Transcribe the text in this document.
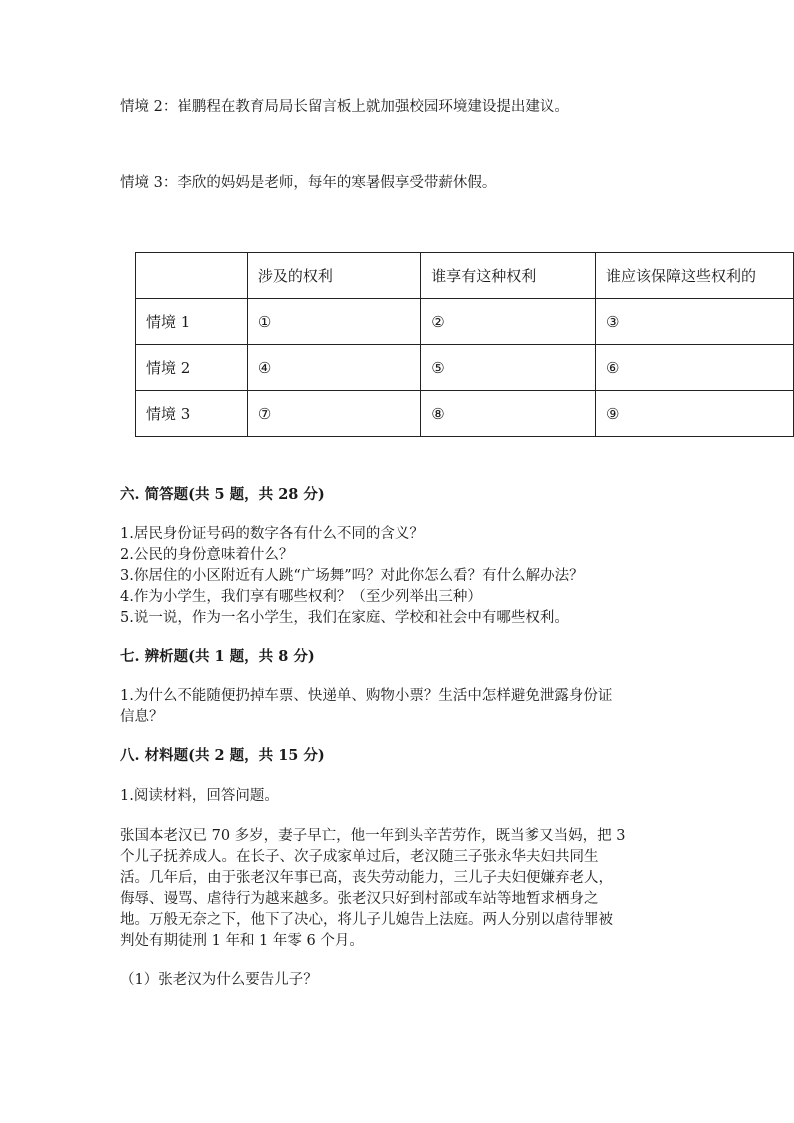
情境 2：崔鹏程在教育局局长留言板上就加强校园环境建设提出建议。
情境 3：李欣的妈妈是老师，每年的寒暑假享受带薪休假。
	涉及的权利	谁享有这种权利	谁应该保障这些权利的
情境 1	①	②	③
情境 2	④	⑤	⑥
情境 3	⑦	⑧	⑨
六. 简答题(共 5 题，共 28 分)
1.居民身份证号码的数字各有什么不同的含义？
2.公民的身份意味着什么？
3.你居住的小区附近有人跳“广场舞”吗？对此你怎么看？有什么解办法？
4.作为小学生，我们享有哪些权利？（至少列举出三种）
5.说一说，作为一名小学生，我们在家庭、学校和社会中有哪些权利。
七. 辨析题(共 1 题，共 8 分)
1.为什么不能随便扔掉车票、快递单、购物小票？生活中怎样避免泄露身份证
信息？
八. 材料题(共 2 题，共 15 分)
1.阅读材料，回答问题。
张国本老汉已 70 多岁，妻子早亡，他一年到头辛苦劳作，既当爹又当妈，把 3
个儿子抚养成人。在长子、次子成家单过后，老汉随三子张永华夫妇共同生
活。几年后，由于张老汉年事已高，丧失劳动能力，三儿子夫妇便嫌弃老人，
侮辱、谩骂、虐待行为越来越多。张老汉只好到村部或车站等地暂求栖身之
地。万般无奈之下，他下了决心，将儿子儿媳告上法庭。两人分别以虐待罪被
判处有期徒刑 1 年和 1 年零 6 个月。
（1）张老汉为什么要告儿子？
